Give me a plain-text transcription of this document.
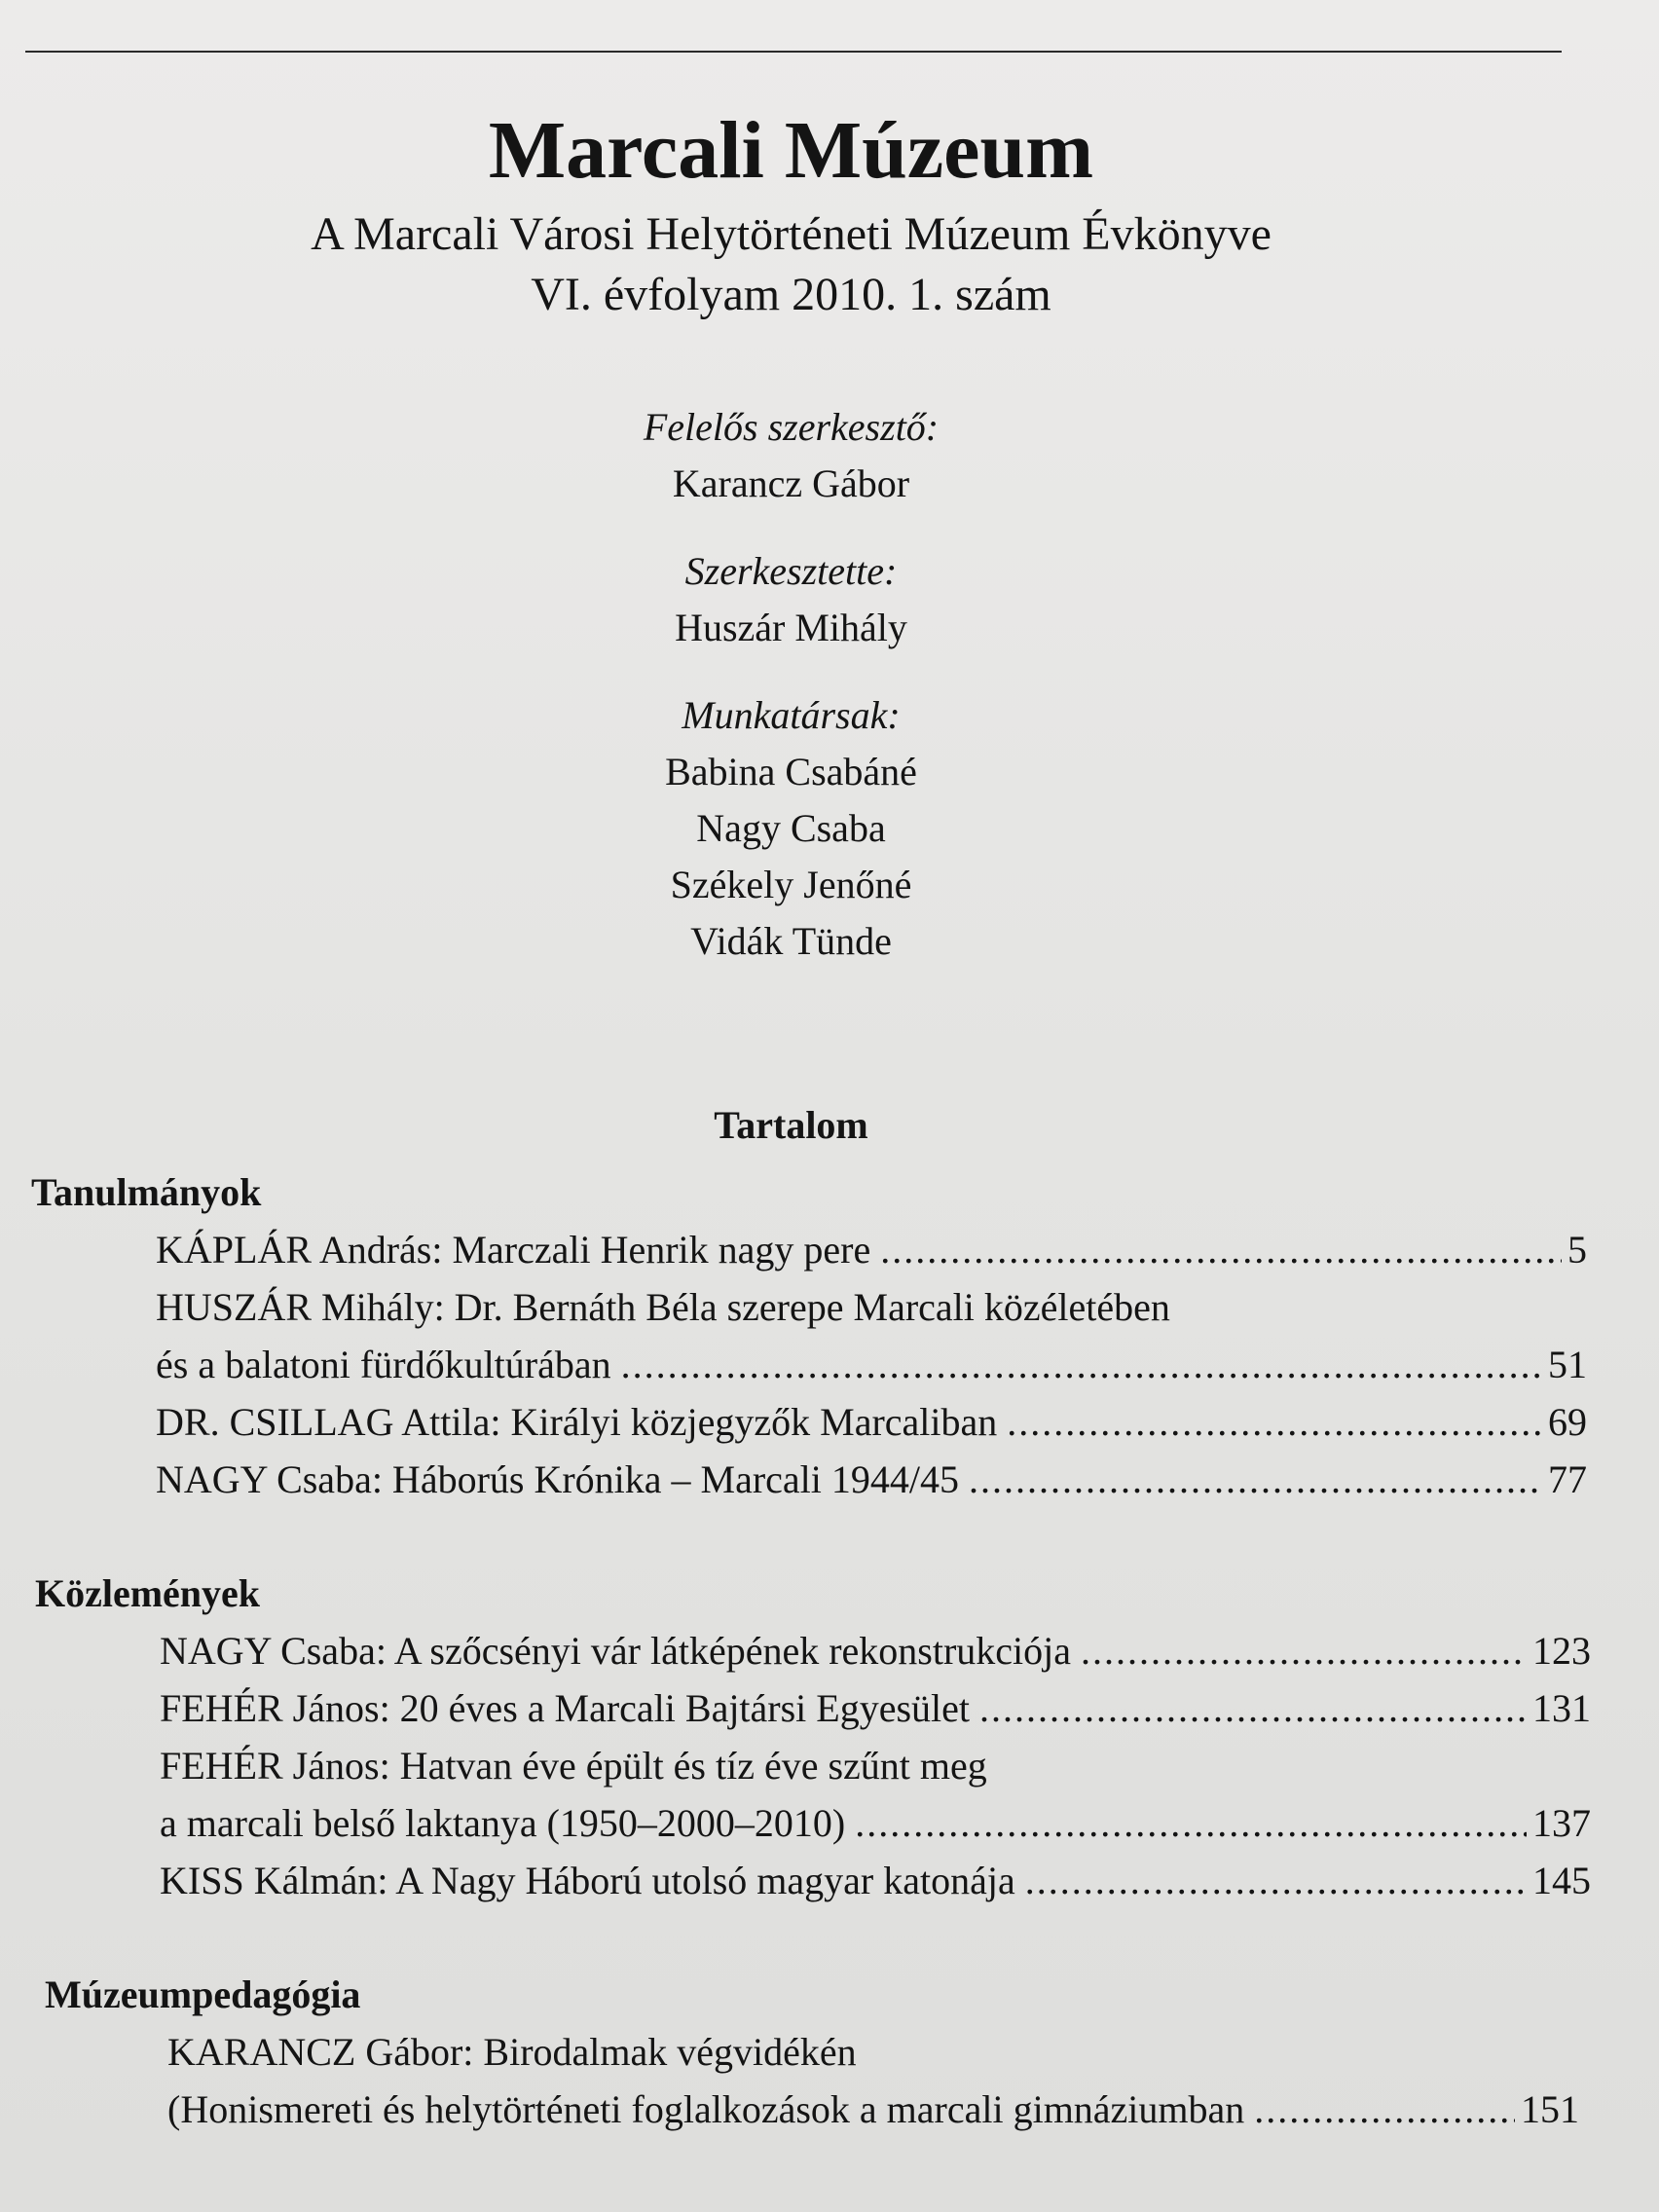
Marcali Múzeum
A Marcali Városi Helytörténeti Múzeum Évkönyve
VI. évfolyam 2010. 1. szám
Felelős szerkesztő:
Karancz Gábor
Szerkesztette:
Huszár Mihály
Munkatársak:
Babina Csabáné
Nagy Csaba
Székely Jenőné
Vidák Tünde
Tartalom
Tanulmányok
KÁPLÁR András: Marczali Henrik nagy pere .....	5
HUSZÁR Mihály: Dr. Bernáth Béla szerepe Marcali közéletében
és a balatoni fürdőkultúrában .....	51
DR. CSILLAG Attila: Királyi közjegyzők Marcaliban .....	69
NAGY Csaba: Háborús Krónika – Marcali 1944/45 .....	77
Közlemények
NAGY Csaba: A szőcsényi vár látképének rekonstrukciója .....	123
FEHÉR János: 20 éves a Marcali Bajtársi Egyesület .....	131
FEHÉR János: Hatvan éve épült és tíz éve szűnt meg
a marcali belső laktanya (1950–2000–2010) .....	137
KISS Kálmán: A Nagy Háború utolsó magyar katonája .....	145
Múzeumpedagógia
KARANCZ Gábor: Birodalmak végvidékén
(Honismereti és helytörténeti foglalkozások a marcali gimnáziumban .....	151
